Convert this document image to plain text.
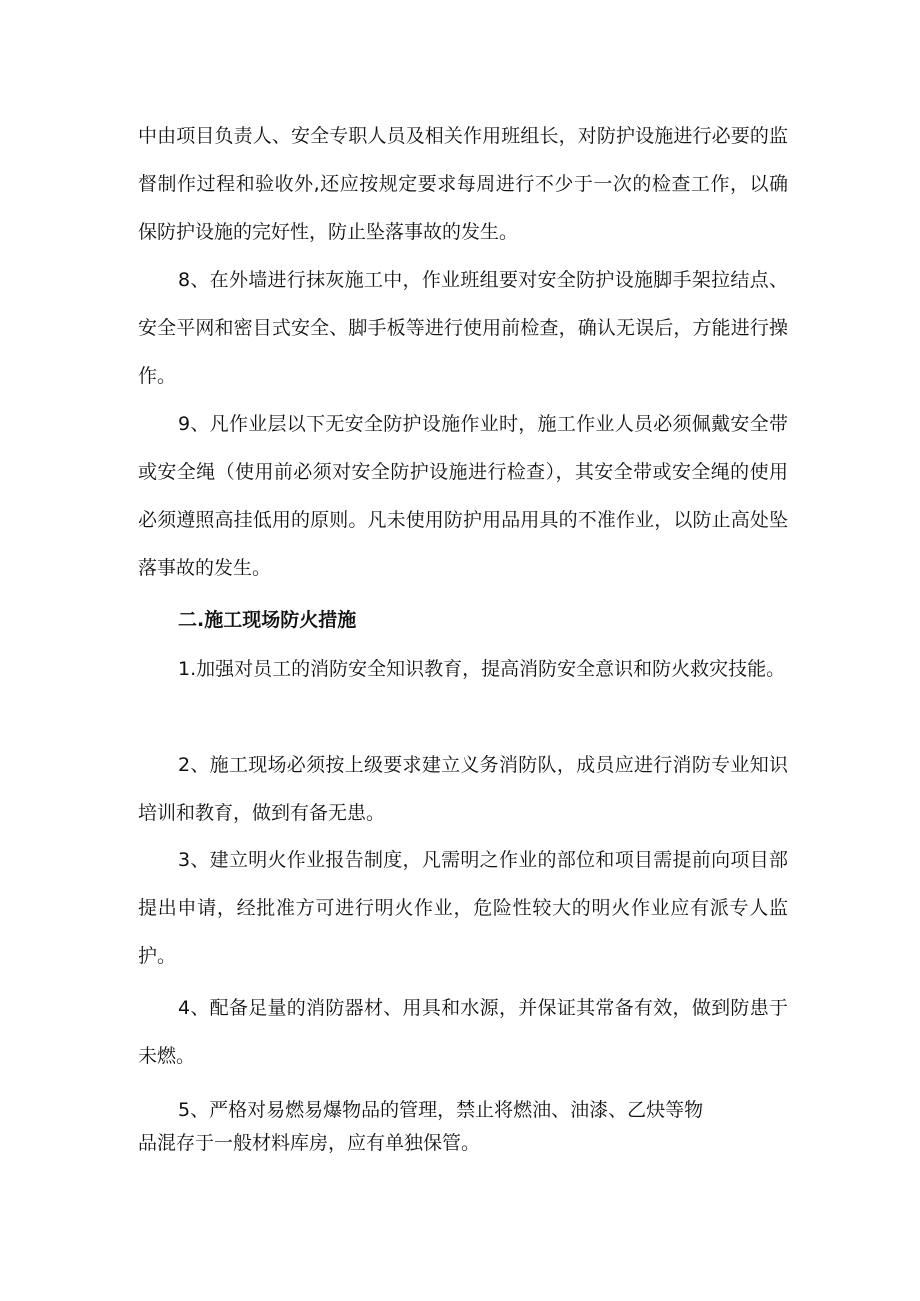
中由项目负责人、安全专职人员及相关作用班组长，对防护设施进行必要的监督制作过程和验收外,还应按规定要求每周进行不少于一次的检查工作，以确保防护设施的完好性，防止坠落事故的发生。

8、在外墙进行抹灰施工中，作业班组要对安全防护设施脚手架拉结点、安全平网和密目式安全、脚手板等进行使用前检查，确认无误后，方能进行操作。

9、凡作业层以下无安全防护设施作业时，施工作业人员必须佩戴安全带或安全绳（使用前必须对安全防护设施进行检查），其安全带或安全绳的使用必须遵照高挂低用的原则。凡未使用防护用品用具的不准作业，以防止高处坠落事故的发生。

二.施工现场防火措施

1.加强对员工的消防安全知识教育，提高消防安全意识和防火救灾技能。

2、施工现场必须按上级要求建立义务消防队，成员应进行消防专业知识培训和教育，做到有备无患。

3、建立明火作业报告制度，凡需明之作业的部位和项目需提前向项目部提出申请，经批准方可进行明火作业，危险性较大的明火作业应有派专人监护。

4、配备足量的消防器材、用具和水源，并保证其常备有效，做到防患于未燃。

5、严格对易燃易爆物品的管理，禁止将燃油、油漆、乙炔等物

品混存于一般材料库房，应有单独保管。
